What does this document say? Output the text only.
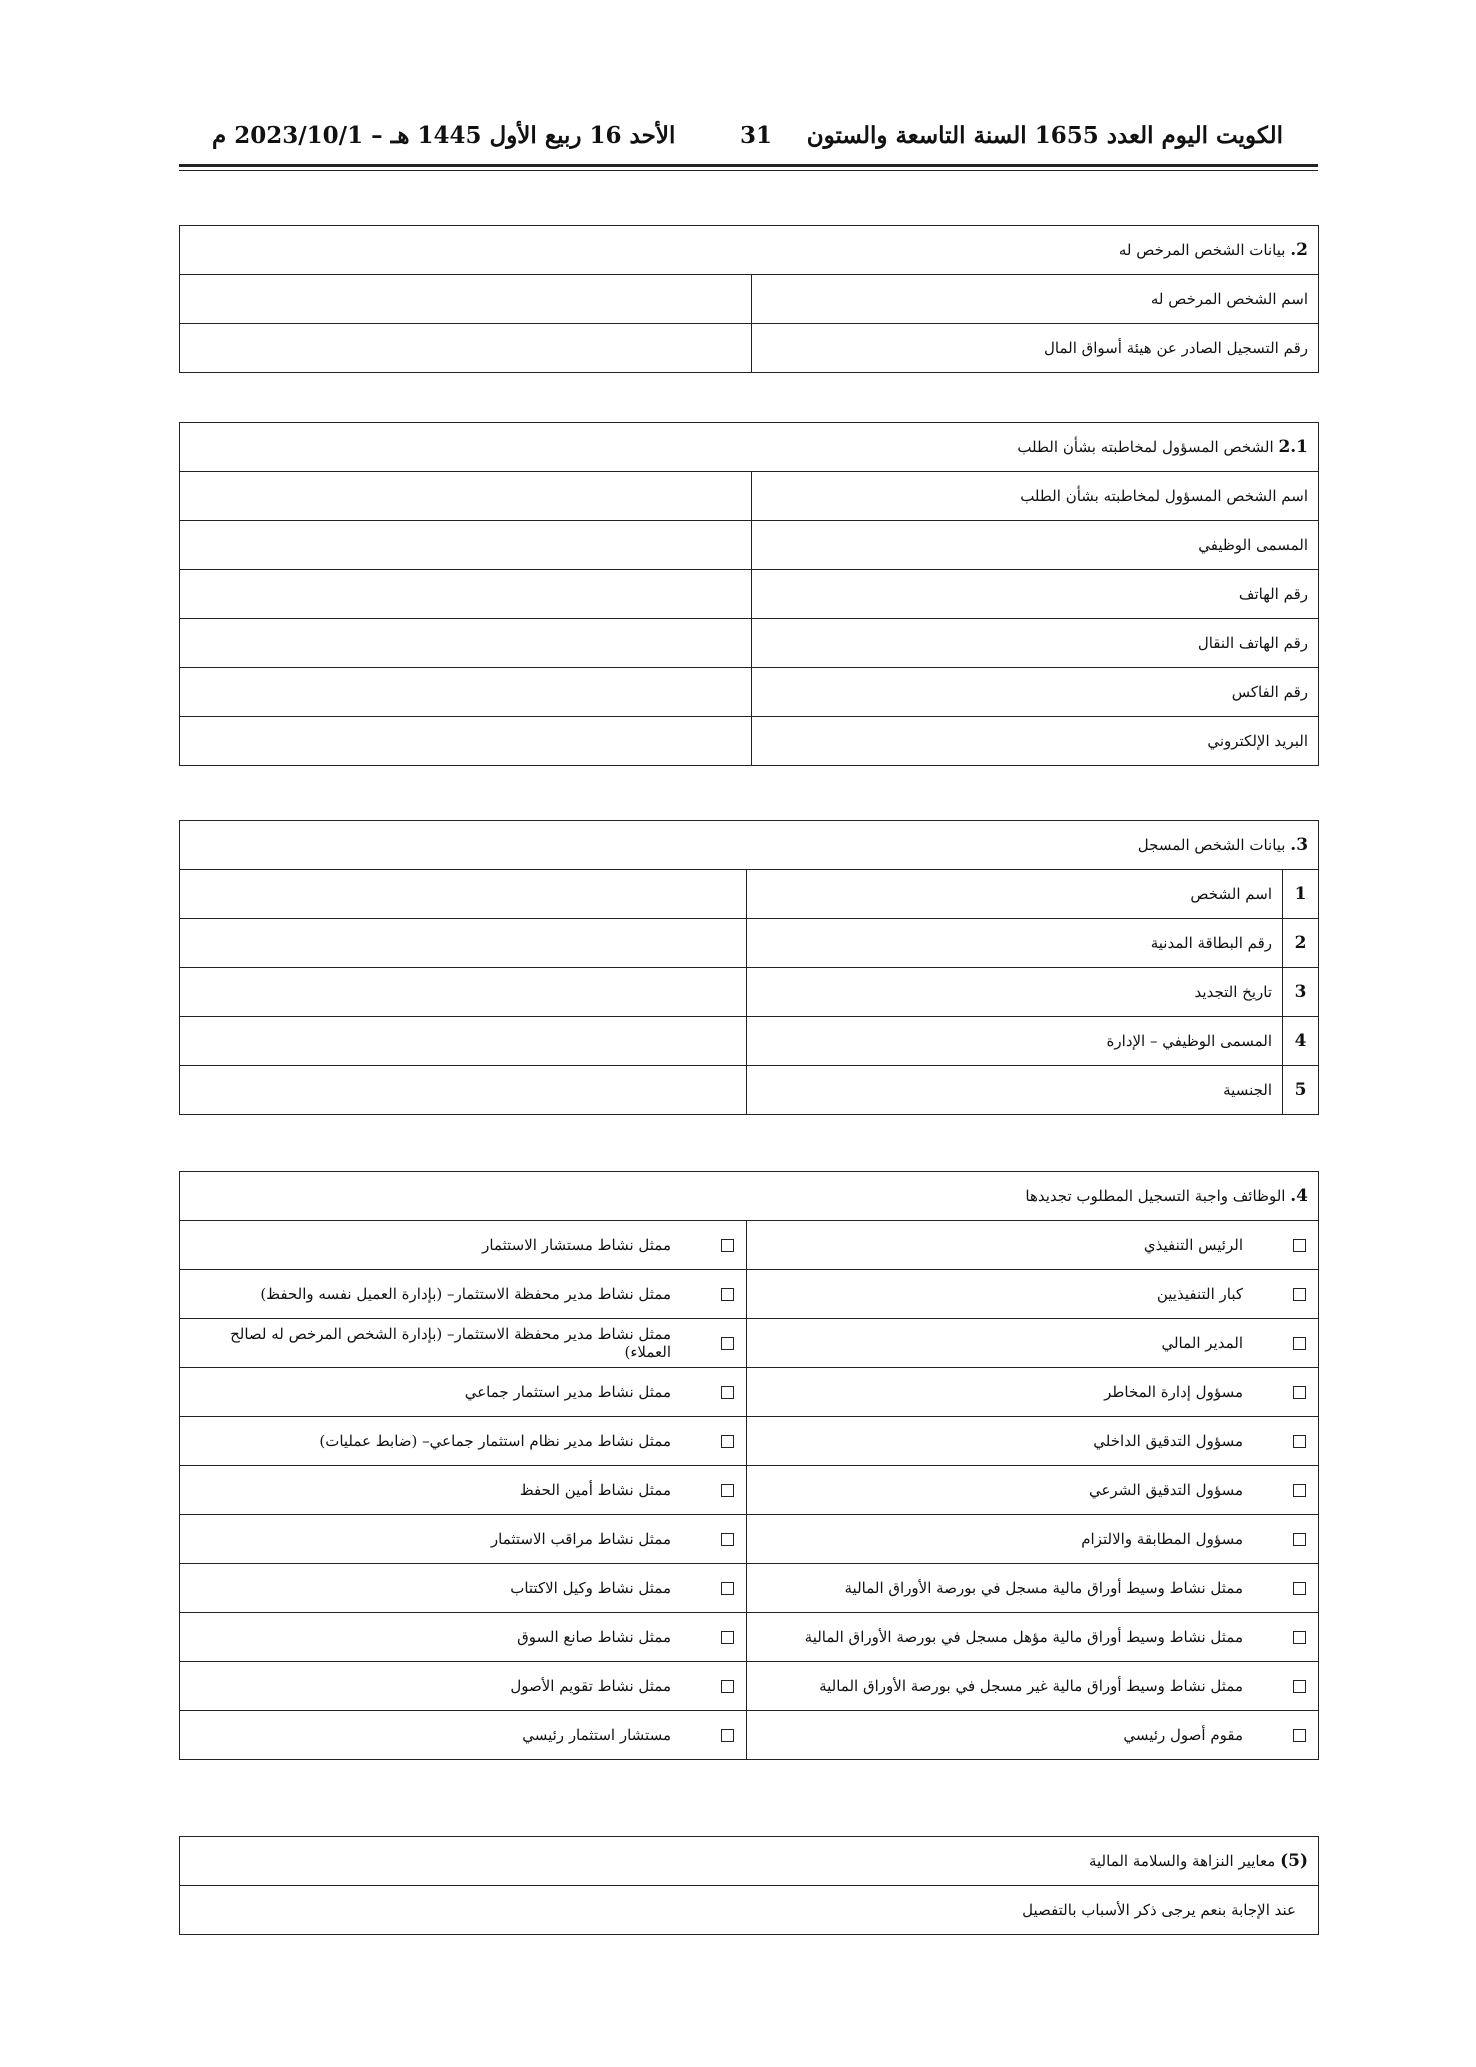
الكويت اليوم العدد 1655 السنة التاسعة والستون
31
الأحد 16 ربيع الأول 1445 هـ – 2023/10/1 م
2. بيانات الشخص المرخص له	
اسم الشخص المرخص له	
رقم التسجيل الصادر عن هيئة أسواق المال	
2.1 الشخص المسؤول لمخاطبته بشأن الطلب	
اسم الشخص المسؤول لمخاطبته بشأن الطلب	
المسمى الوظيفي	
رقم الهاتف	
رقم الهاتف النقال	
رقم الفاكس	
البريد الإلكتروني	
3. بيانات الشخص المسجل		
1	اسم الشخص	
2	رقم البطاقة المدنية	
3	تاريخ التجديد	
4	المسمى الوظيفي – الإدارة	
5	الجنسية	
4. الوظائف واجبة التسجيل المطلوب تجديدها	

الرئيس التنفيذي	ممثل نشاط مستشار الاستثمار

كبار التنفيذيين	ممثل نشاط مدير محفظة الاستثمار– (بإدارة العميل نفسه والحفظ)

المدير المالي	ممثل نشاط مدير محفظة الاستثمار– (بإدارة الشخص المرخص له لصالح العملاء)

مسؤول إدارة المخاطر	ممثل نشاط مدير استثمار جماعي

مسؤول التدقيق الداخلي	ممثل نشاط مدير نظام استثمار جماعي– (ضابط عمليات)

مسؤول التدقيق الشرعي	ممثل نشاط أمين الحفظ

مسؤول المطابقة والالتزام	ممثل نشاط مراقب الاستثمار

ممثل نشاط وسيط أوراق مالية مسجل في بورصة الأوراق المالية	ممثل نشاط وكيل الاكتتاب

ممثل نشاط وسيط أوراق مالية مؤهل مسجل في بورصة الأوراق المالية	ممثل نشاط صانع السوق

ممثل نشاط وسيط أوراق مالية غير مسجل في بورصة الأوراق المالية	ممثل نشاط تقويم الأصول

مقوم أصول رئيسي	مستشار استثمار رئيسي
(5) معايير النزاهة والسلامة المالية
عند الإجابة بنعم يرجى ذكر الأسباب بالتفصيل
